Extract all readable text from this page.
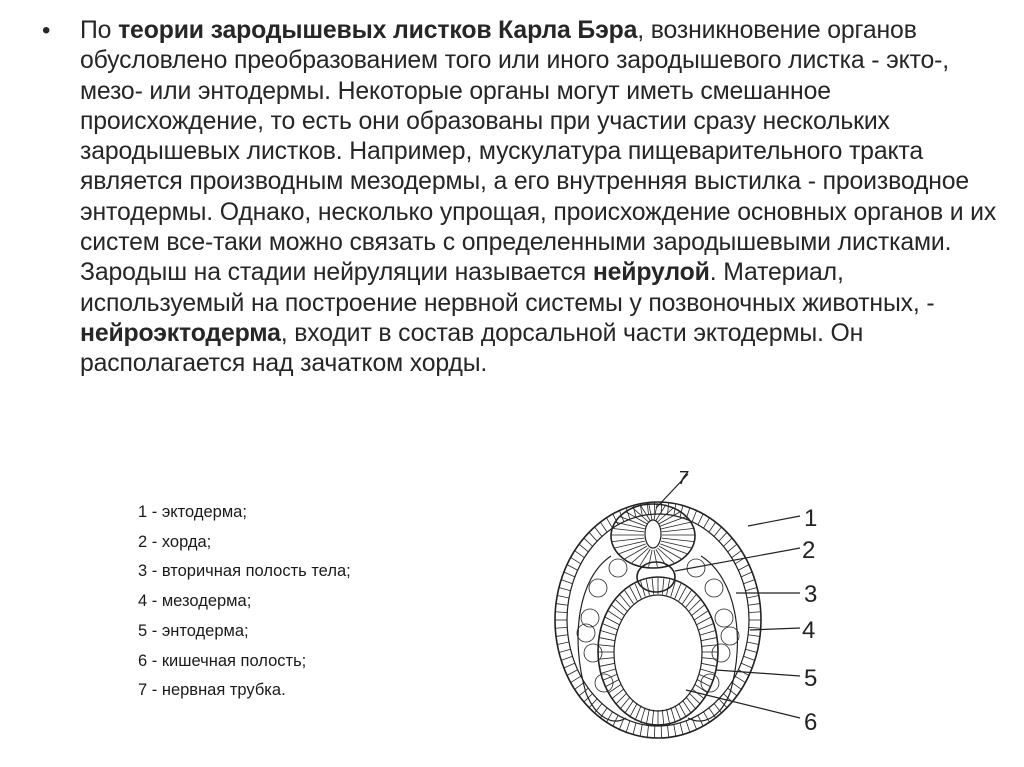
• По теории зародышевых листков Карла Бэра, возникновение органов обусловлено преобразованием того или иного зародышевого листка - экто-, мезо- или энтодермы. Некоторые органы могут иметь смешанное происхождение, то есть они образованы при участии сразу нескольких зародышевых листков. Например, мускулатура пищеварительного тракта является производным мезодермы, а его внутренняя выстилка - производное энтодермы. Однако, несколько упрощая, происхождение основных органов и их систем все-таки можно связать с определенными зародышевыми листками. Зародыш на стадии нейруляции называется нейрулой. Материал, используемый на построение нервной системы у позвоночных животных, - нейроэктодерма, входит в состав дорсальной части эктодермы. Он располагается над зачатком хорды.
1 - эктодерма;
2 - хорда;
3 - вторичная полость тела;
4 - мезодерма;
5 - энтодерма;
6 - кишечная полость;
7 - нервная трубка.
1
2
3
4
5
6
7
